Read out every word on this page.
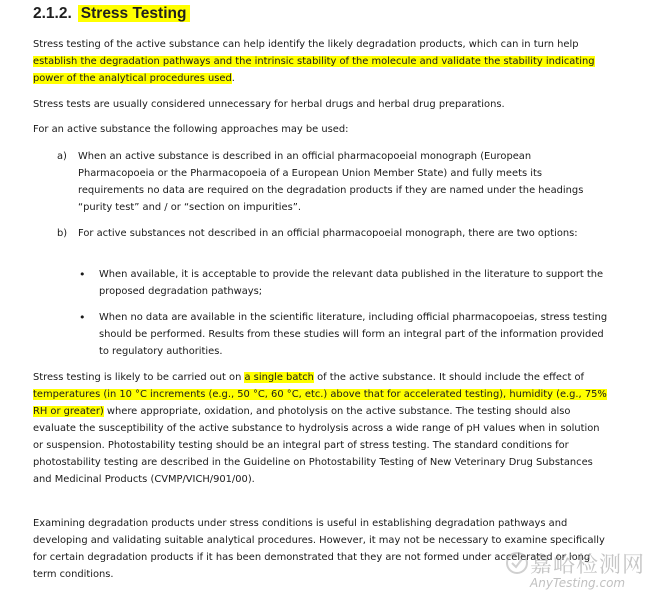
2.1.2. Stress Testing
Stress testing of the active substance can help identify the likely degradation products, which can in turn help establish the degradation pathways and the intrinsic stability of the molecule and validate the stability indicating power of the analytical procedures used.
Stress tests are usually considered unnecessary for herbal drugs and herbal drug preparations.
For an active substance the following approaches may be used:
a) When an active substance is described in an official pharmacopoeial monograph (European Pharmacopoeia or the Pharmacopoeia of a European Union Member State) and fully meets its requirements no data are required on the degradation products if they are named under the headings “purity test” and / or “section on impurities”.
b) For active substances not described in an official pharmacopoeial monograph, there are two options:
• When available, it is acceptable to provide the relevant data published in the literature to support the proposed degradation pathways;
• When no data are available in the scientific literature, including official pharmacopoeias, stress testing should be performed. Results from these studies will form an integral part of the information provided to regulatory authorities.
Stress testing is likely to be carried out on a single batch of the active substance. It should include the effect of temperatures (in 10 °C increments (e.g., 50 °C, 60 °C, etc.) above that for accelerated testing), humidity (e.g., 75% RH or greater) where appropriate, oxidation, and photolysis on the active substance. The testing should also evaluate the susceptibility of the active substance to hydrolysis across a wide range of pH values when in solution or suspension. Photostability testing should be an integral part of stress testing. The standard conditions for photostability testing are described in the Guideline on Photostability Testing of New Veterinary Drug Substances and Medicinal Products (CVMP/VICH/901/00).
Examining degradation products under stress conditions is useful in establishing degradation pathways and developing and validating suitable analytical procedures. However, it may not be necessary to examine specifically for certain degradation products if it has been demonstrated that they are not formed under accelerated or long term conditions.	嘉峪检测网
AnyTesting.com
